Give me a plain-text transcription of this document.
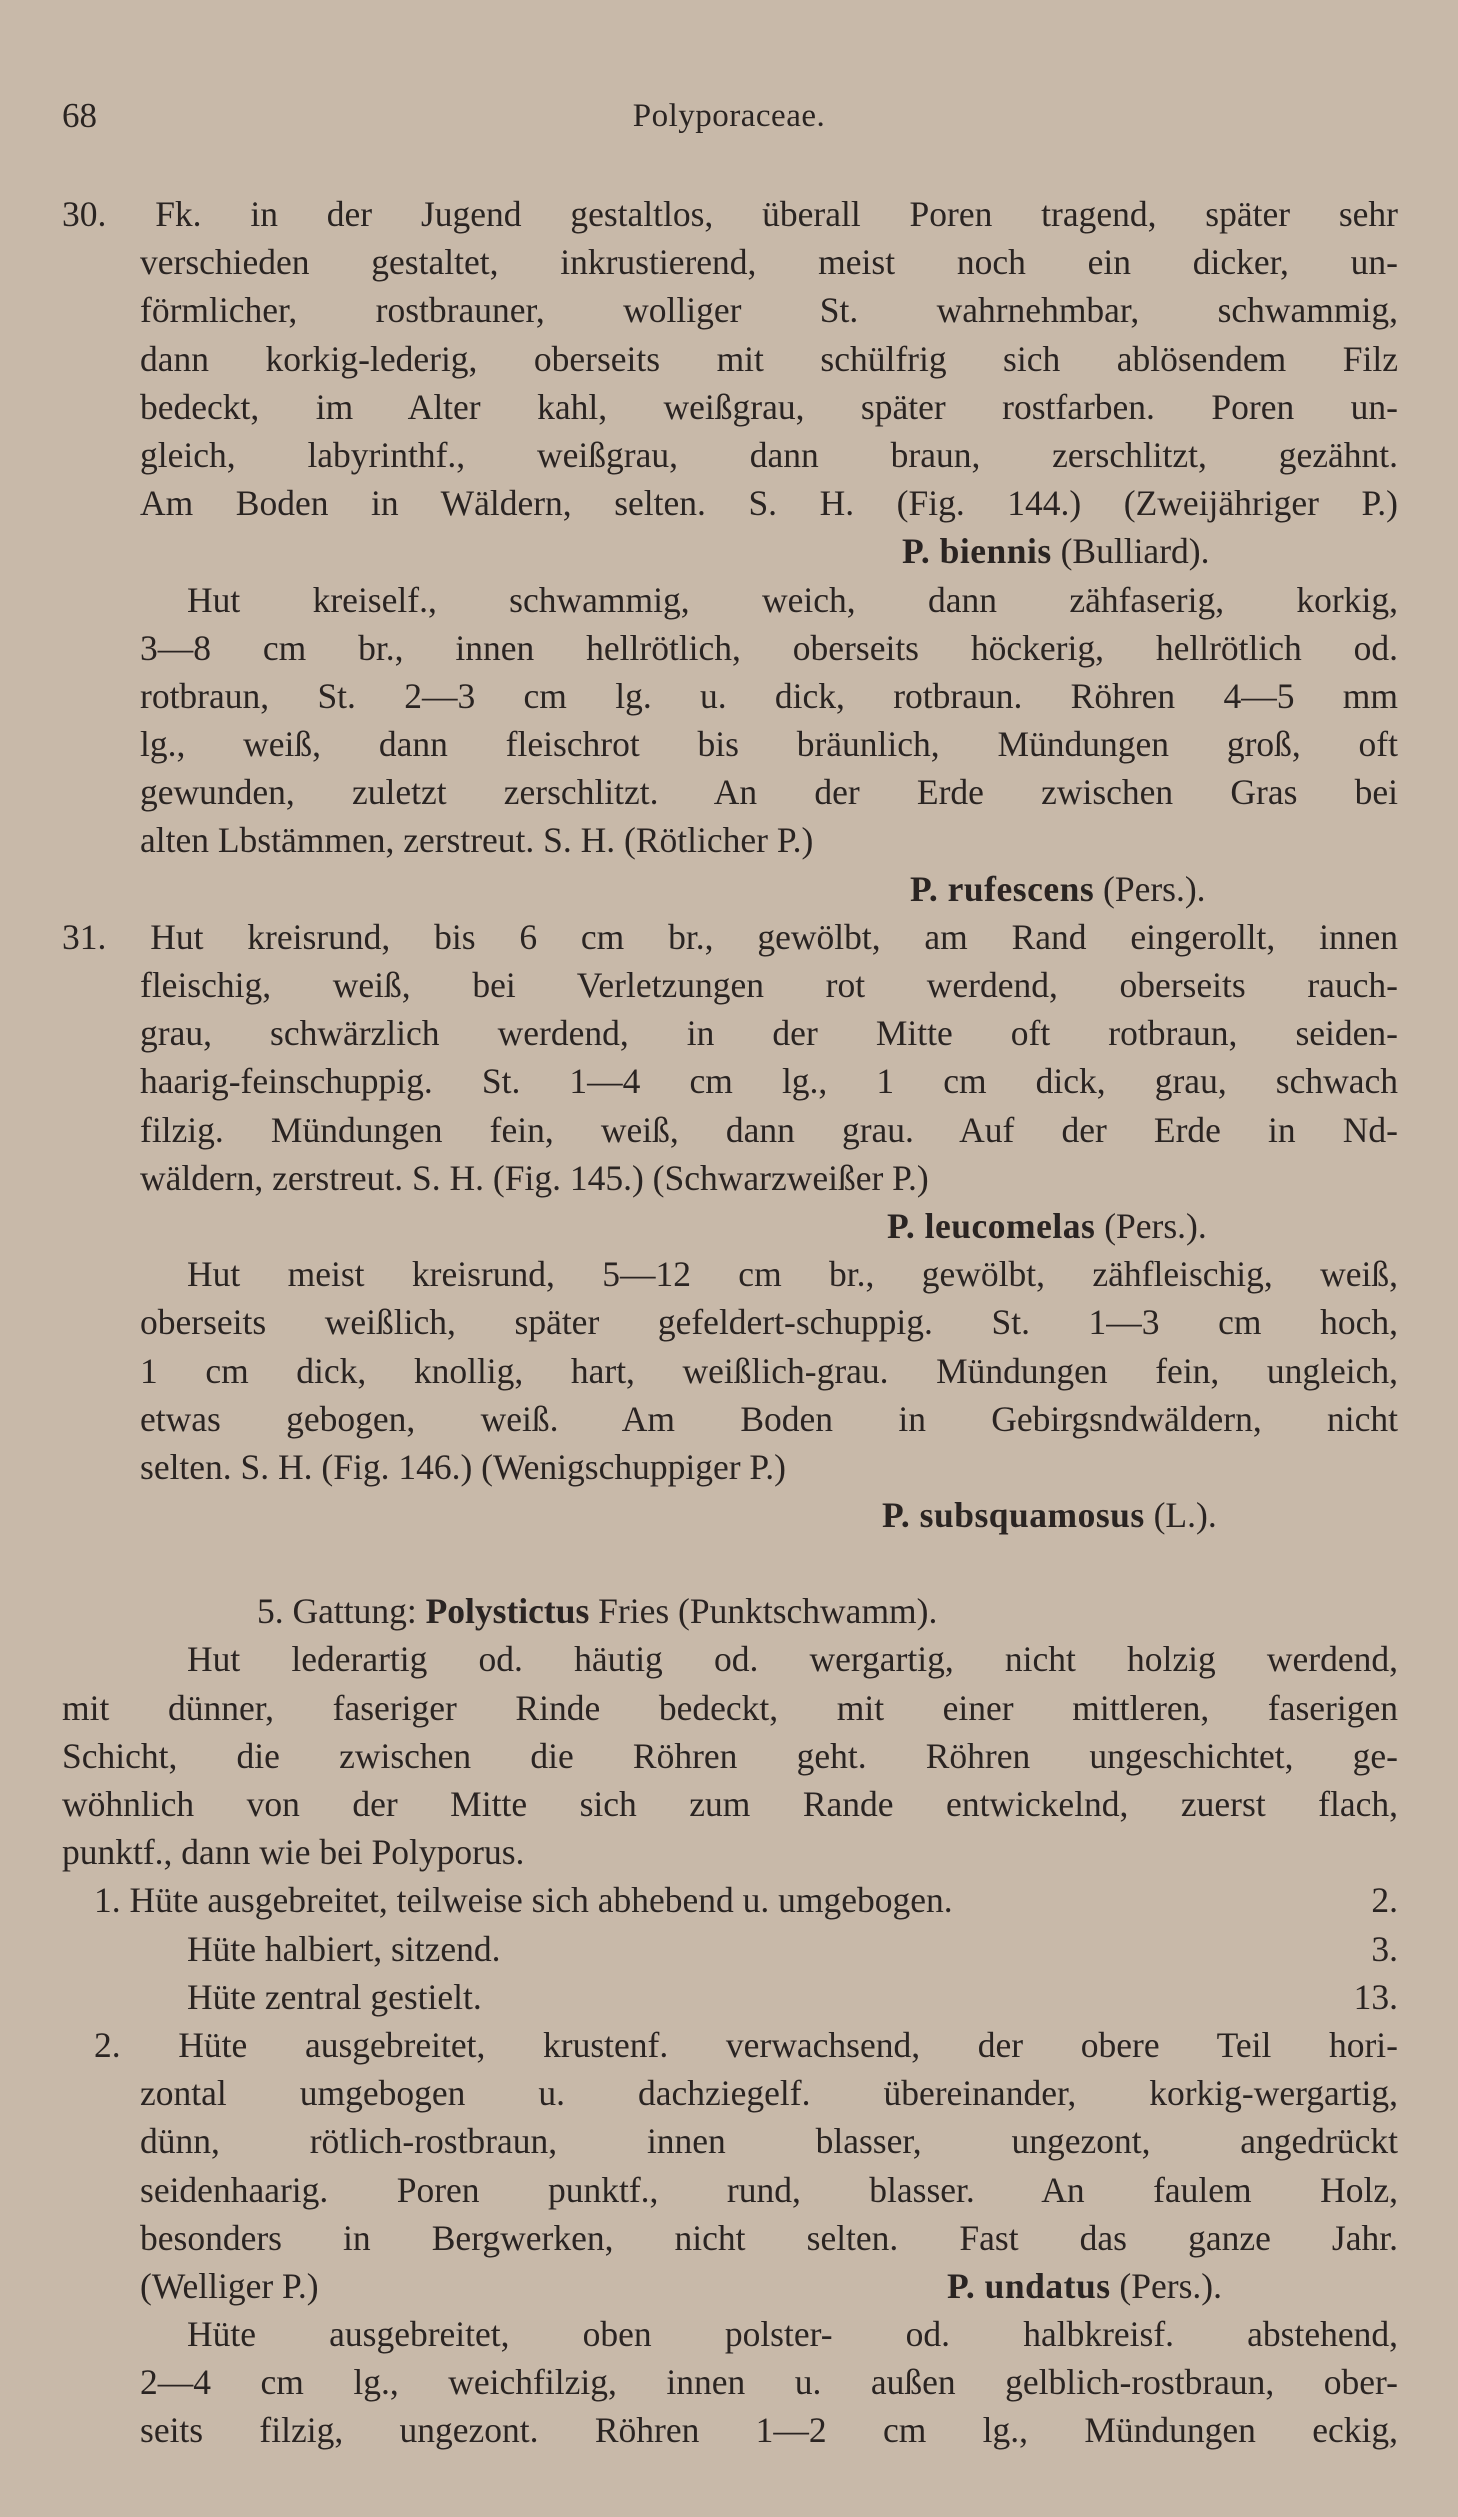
68	Polyporaceae.
30. Fk. in der Jugend gestaltlos, überall Poren tragend, später sehr
verschieden gestaltet, inkrustierend, meist noch ein dicker, un-
förmlicher, rostbrauner, wolliger St. wahrnehmbar, schwammig,
dann korkig-lederig, oberseits mit schülfrig sich ablösendem Filz
bedeckt, im Alter kahl, weißgrau, später rostfarben. Poren un-
gleich, labyrinthf., weißgrau, dann braun, zerschlitzt, gezähnt.
Am Boden in Wäldern, selten. S. H. (Fig. 144.) (Zweijähriger P.)
P. biennis (Bulliard).
Hut kreiself., schwammig, weich, dann zähfaserig, korkig,
3—8 cm br., innen hellrötlich, oberseits höckerig, hellrötlich od.
rotbraun, St. 2—3 cm lg. u. dick, rotbraun. Röhren 4—5 mm
lg., weiß, dann fleischrot bis bräunlich, Mündungen groß, oft
gewunden, zuletzt zerschlitzt. An der Erde zwischen Gras bei
alten Lbstämmen, zerstreut. S. H. (Rötlicher P.)
P. rufescens (Pers.).
31. Hut kreisrund, bis 6 cm br., gewölbt, am Rand eingerollt, innen
fleischig, weiß, bei Verletzungen rot werdend, oberseits rauch-
grau, schwärzlich werdend, in der Mitte oft rotbraun, seiden-
haarig-feinschuppig. St. 1—4 cm lg., 1 cm dick, grau, schwach
filzig. Mündungen fein, weiß, dann grau. Auf der Erde in Nd-
wäldern, zerstreut. S. H. (Fig. 145.) (Schwarzweißer P.)
P. leucomelas (Pers.).
Hut meist kreisrund, 5—12 cm br., gewölbt, zähfleischig, weiß,
oberseits weißlich, später gefeldert-schuppig. St. 1—3 cm hoch,
1 cm dick, knollig, hart, weißlich-grau. Mündungen fein, ungleich,
etwas gebogen, weiß. Am Boden in Gebirgsndwäldern, nicht
selten. S. H. (Fig. 146.) (Wenigschuppiger P.)
P. subsquamosus (L.).
5. Gattung: Polystictus Fries (Punktschwamm).
Hut lederartig od. häutig od. wergartig, nicht holzig werdend,
mit dünner, faseriger Rinde bedeckt, mit einer mittleren, faserigen
Schicht, die zwischen die Röhren geht. Röhren ungeschichtet, ge-
wöhnlich von der Mitte sich zum Rande entwickelnd, zuerst flach,
punktf., dann wie bei Polyporus.
1. Hüte ausgebreitet, teilweise sich abhebend u. umgebogen.	2.
Hüte halbiert, sitzend.	3.
Hüte zentral gestielt.	13.
2. Hüte ausgebreitet, krustenf. verwachsend, der obere Teil hori-
zontal umgebogen u. dachziegelf. übereinander, korkig-wergartig,
dünn, rötlich-rostbraun, innen blasser, ungezont, angedrückt
seidenhaarig. Poren punktf., rund, blasser. An faulem Holz,
besonders in Bergwerken, nicht selten. Fast das ganze Jahr.
(Welliger P.)	P. undatus (Pers.).
Hüte ausgebreitet, oben polster- od. halbkreisf. abstehend,
2—4 cm lg., weichfilzig, innen u. außen gelblich-rostbraun, ober-
seits filzig, ungezont. Röhren 1—2 cm lg., Mündungen eckig,
